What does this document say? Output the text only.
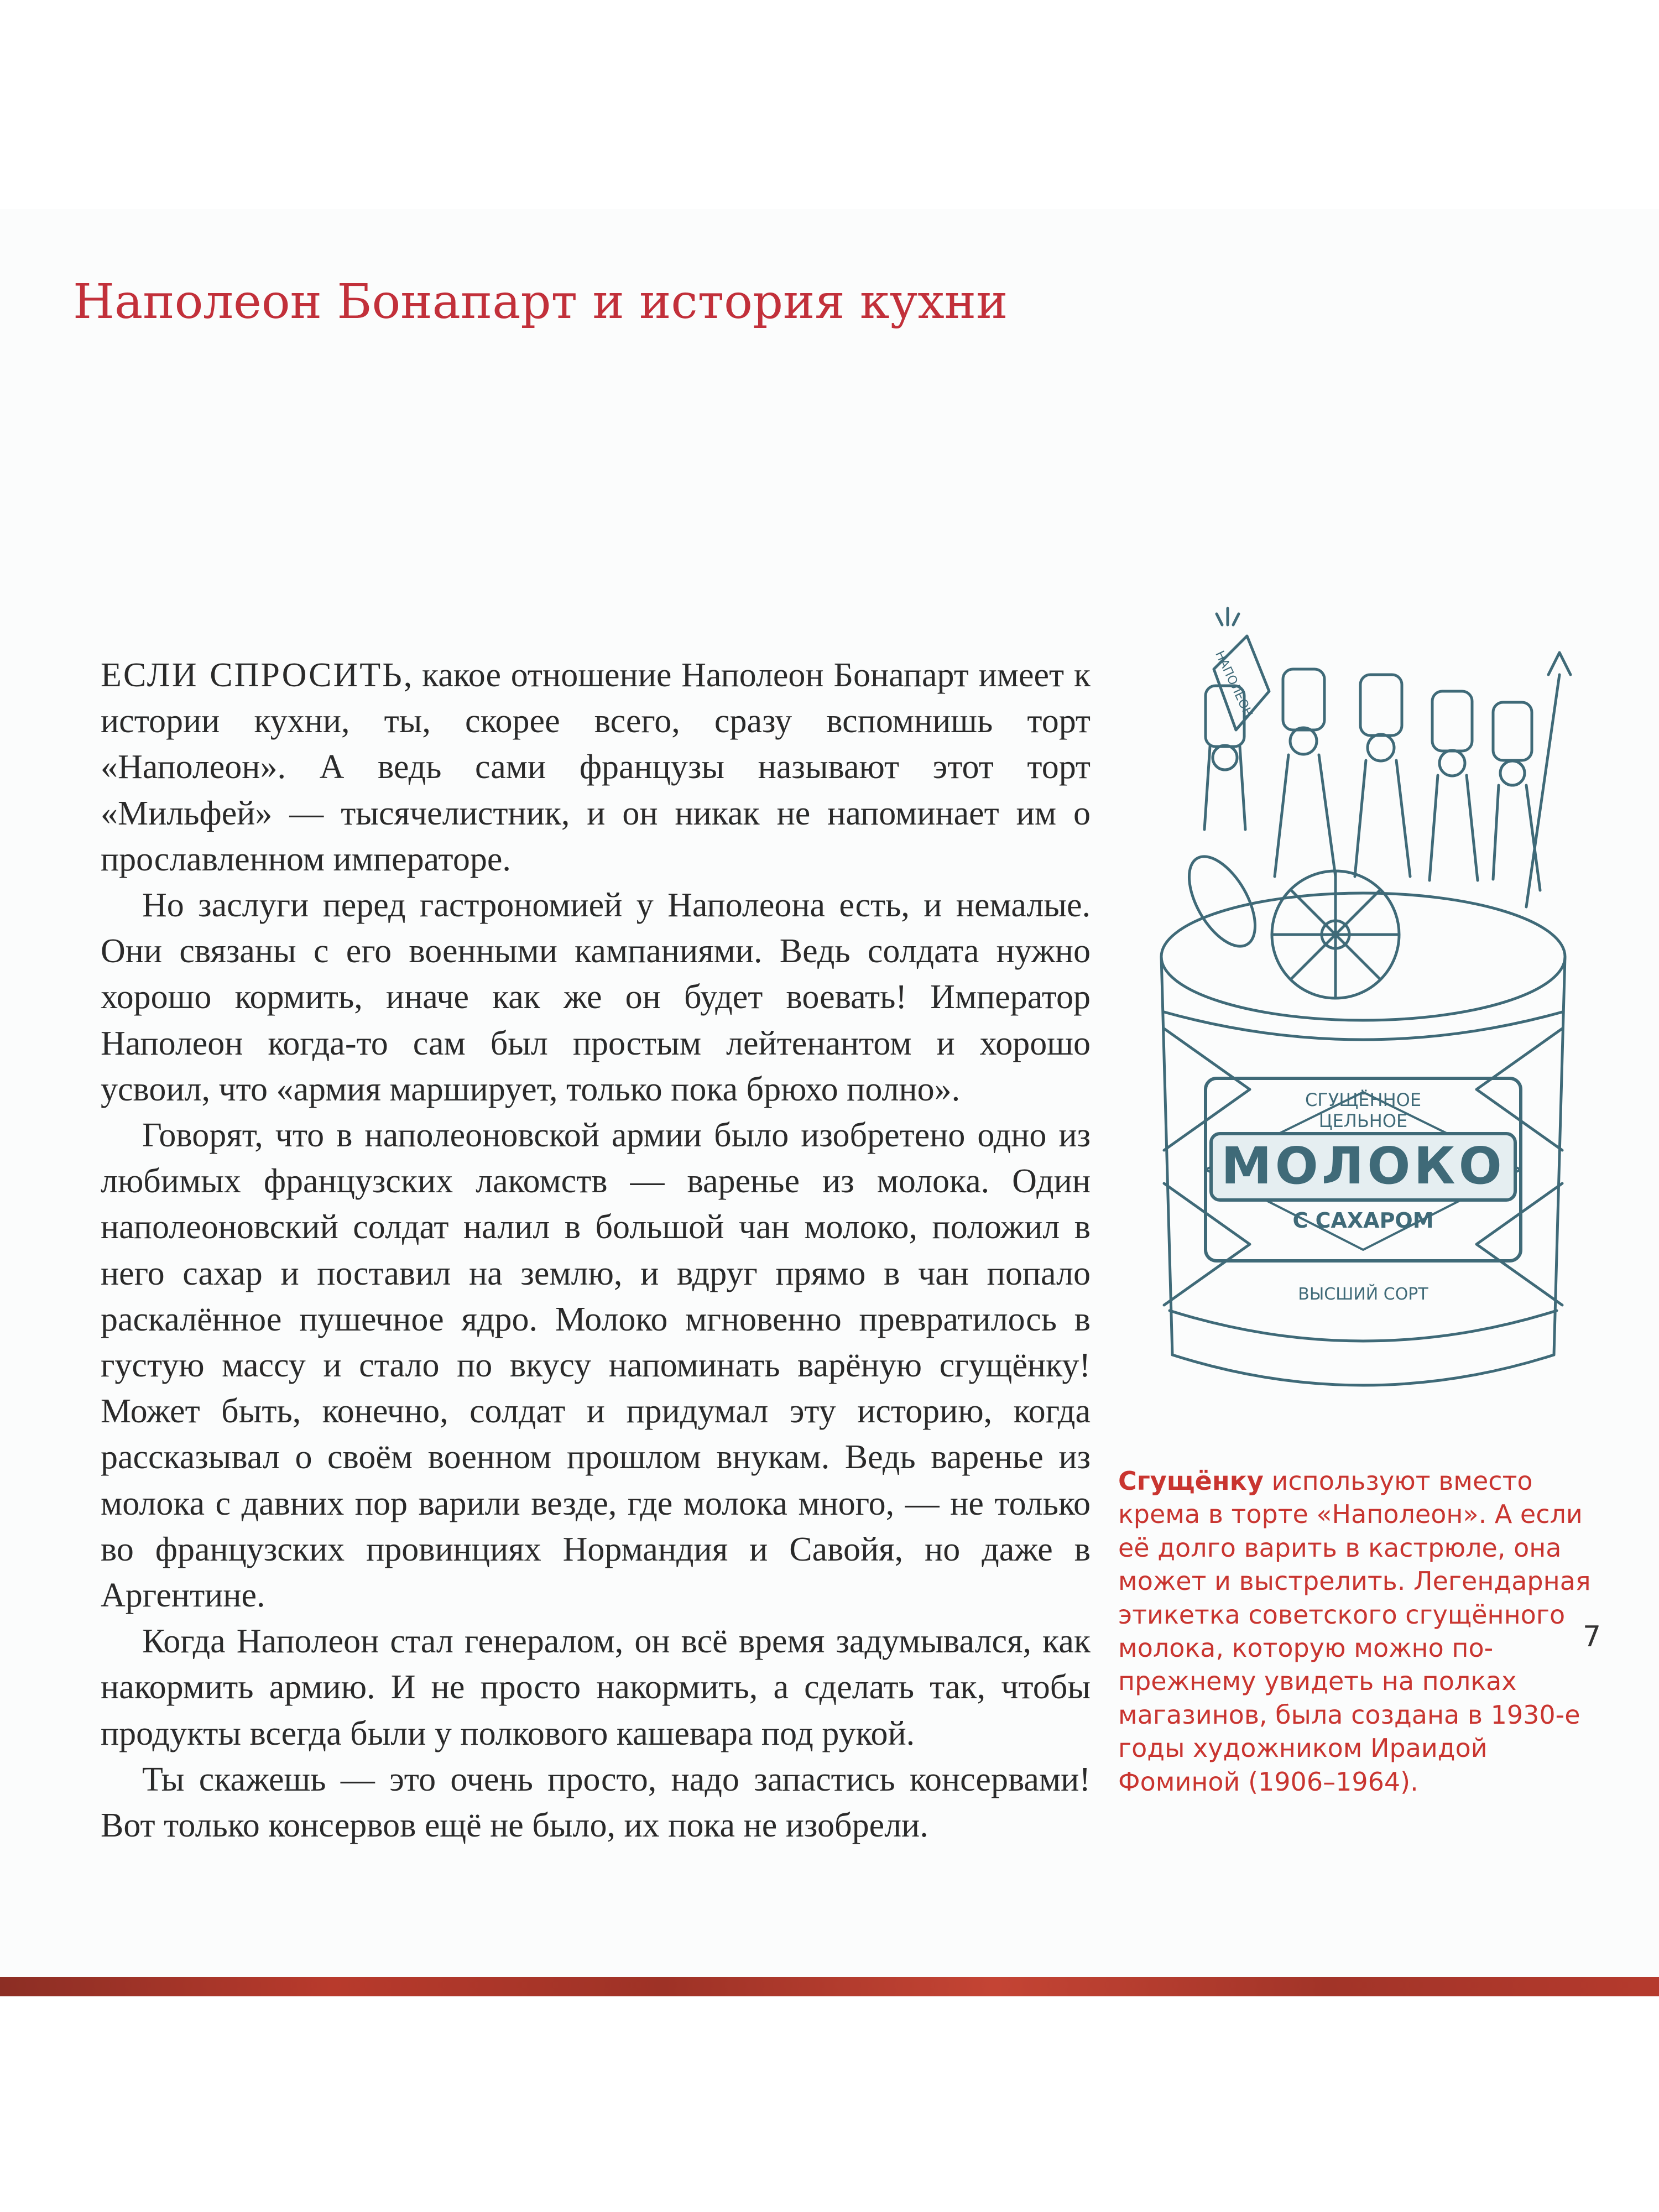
Наполеон Бонапарт и история кухни

ЕСЛИ СПРОСИТЬ, какое отношение Наполеон Бонапарт имеет к истории кухни, ты, скорее всего, сразу вспомнишь торт «Наполеон». А ведь сами французы называют этот торт «Мильфей» — тысячелистник, и он никак не напоминает им о прославленном императоре.

Но заслуги перед гастрономией у Наполеона есть, и немалые. Они связаны с его военными кампаниями. Ведь солдата нужно хорошо кормить, иначе как же он будет воевать! Император Наполеон когда-то сам был простым лейтенантом и хорошо усвоил, что «армия марширует, только пока брюхо полно».

Говорят, что в наполеоновской армии было изобретено одно из любимых французских лакомств — варенье из молока. Один наполеоновский солдат налил в большой чан молоко, положил в него сахар и поставил на землю, и вдруг прямо в чан попало раскалённое пушечное ядро. Молоко мгновенно превратилось в густую массу и стало по вкусу напоминать варёную сгущёнку! Может быть, конечно, солдат и придумал эту историю, когда рассказывал о своём военном прошлом внукам. Ведь варенье из молока с давних пор варили везде, где молока много, — не только во французских провинциях Нормандия и Савойя, но даже в Аргентине.

Когда Наполеон стал генералом, он всё время задумывался, как накормить армию. И не просто накормить, а сделать так, чтобы продукты всегда были у полкового кашевара под рукой.

Ты скажешь — это очень просто, надо запастись консервами! Вот только консервов ещё не было, их пока не изобрели.

СГУЩЁННОЕ
ЦЕЛЬНОЕ
МОЛОКО
С САХАРОМ
ВЫСШИЙ СОРТ
НАПОЛЕОН

Сгущёнку используют вместо крема в торте «Наполеон». А если её долго варить в кастрюле, она может и выстрелить. Легендарная этикетка советского сгущённого молока, которую можно по-прежнему увидеть на полках магазинов, была создана в 1930-е годы художником Ираидой Фоминой (1906–1964).

7
